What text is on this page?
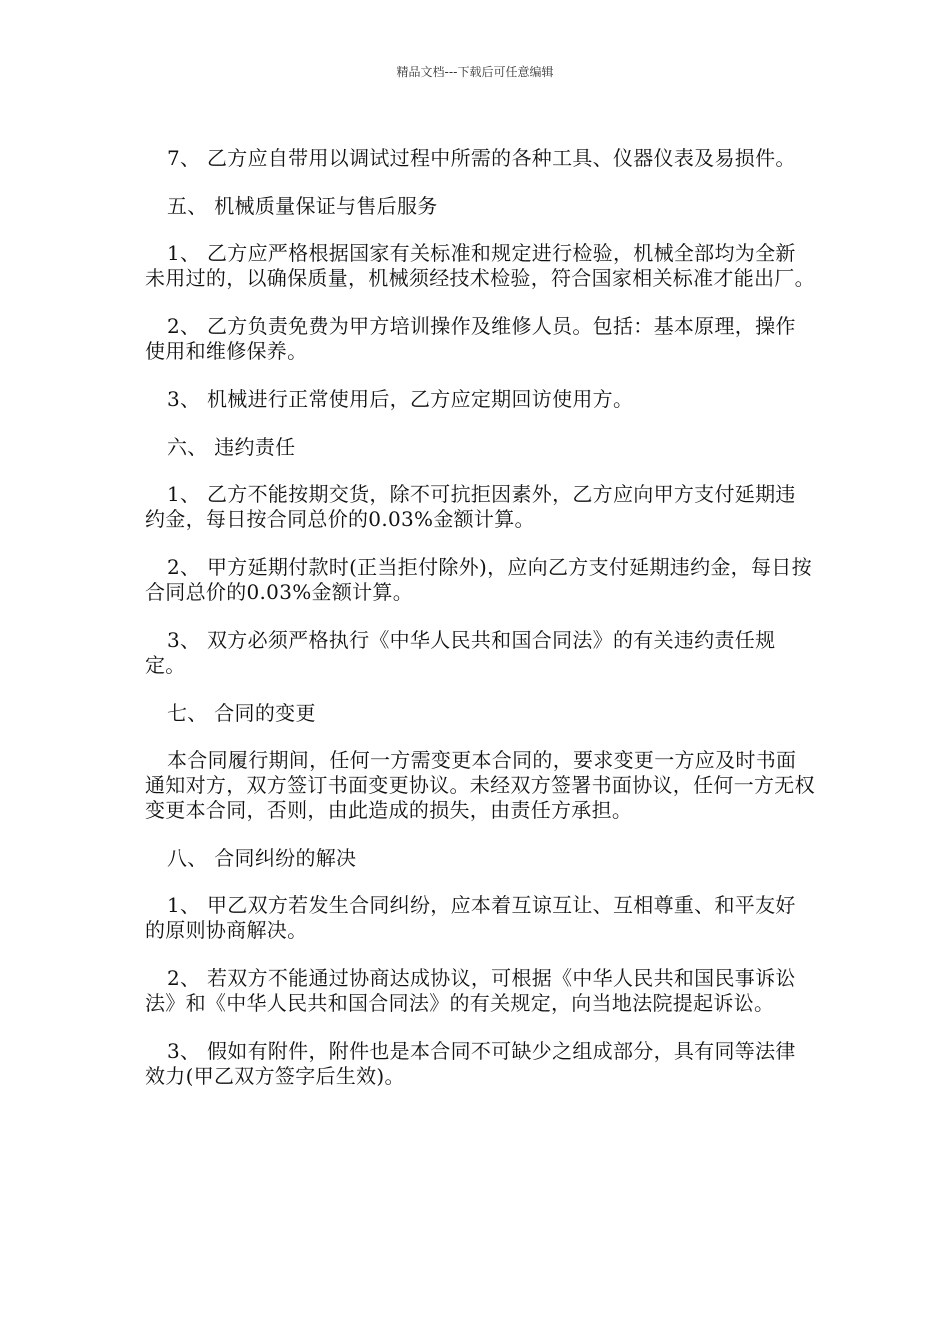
精品文档---下载后可任意编辑

7、 乙方应自带用以调试过程中所需的各种工具、仪器仪表及易损件。

五、 机械质量保证与售后服务

1、 乙方应严格根据国家有关标准和规定进行检验，机械全部均为全新未用过的，以确保质量，机械须经技术检验，符合国家相关标准才能出厂。

2、 乙方负责免费为甲方培训操作及维修人员。包括：基本原理，操作使用和维修保养。

3、 机械进行正常使用后，乙方应定期回访使用方。

六、 违约责任

1、 乙方不能按期交货，除不可抗拒因素外，乙方应向甲方支付延期违约金，每日按合同总价的0.03%金额计算。

2、 甲方延期付款时(正当拒付除外)，应向乙方支付延期违约金，每日按合同总价的0.03%金额计算。

3、 双方必须严格执行《中华人民共和国合同法》的有关违约责任规定。

七、 合同的变更

本合同履行期间，任何一方需变更本合同的，要求变更一方应及时书面通知对方，双方签订书面变更协议。未经双方签署书面协议，任何一方无权变更本合同，否则，由此造成的损失，由责任方承担。

八、 合同纠纷的解决

1、 甲乙双方若发生合同纠纷，应本着互谅互让、互相尊重、和平友好的原则协商解决。

2、 若双方不能通过协商达成协议，可根据《中华人民共和国民事诉讼法》和《中华人民共和国合同法》的有关规定，向当地法院提起诉讼。

3、 假如有附件，附件也是本合同不可缺少之组成部分，具有同等法律效力(甲乙双方签字后生效)。
